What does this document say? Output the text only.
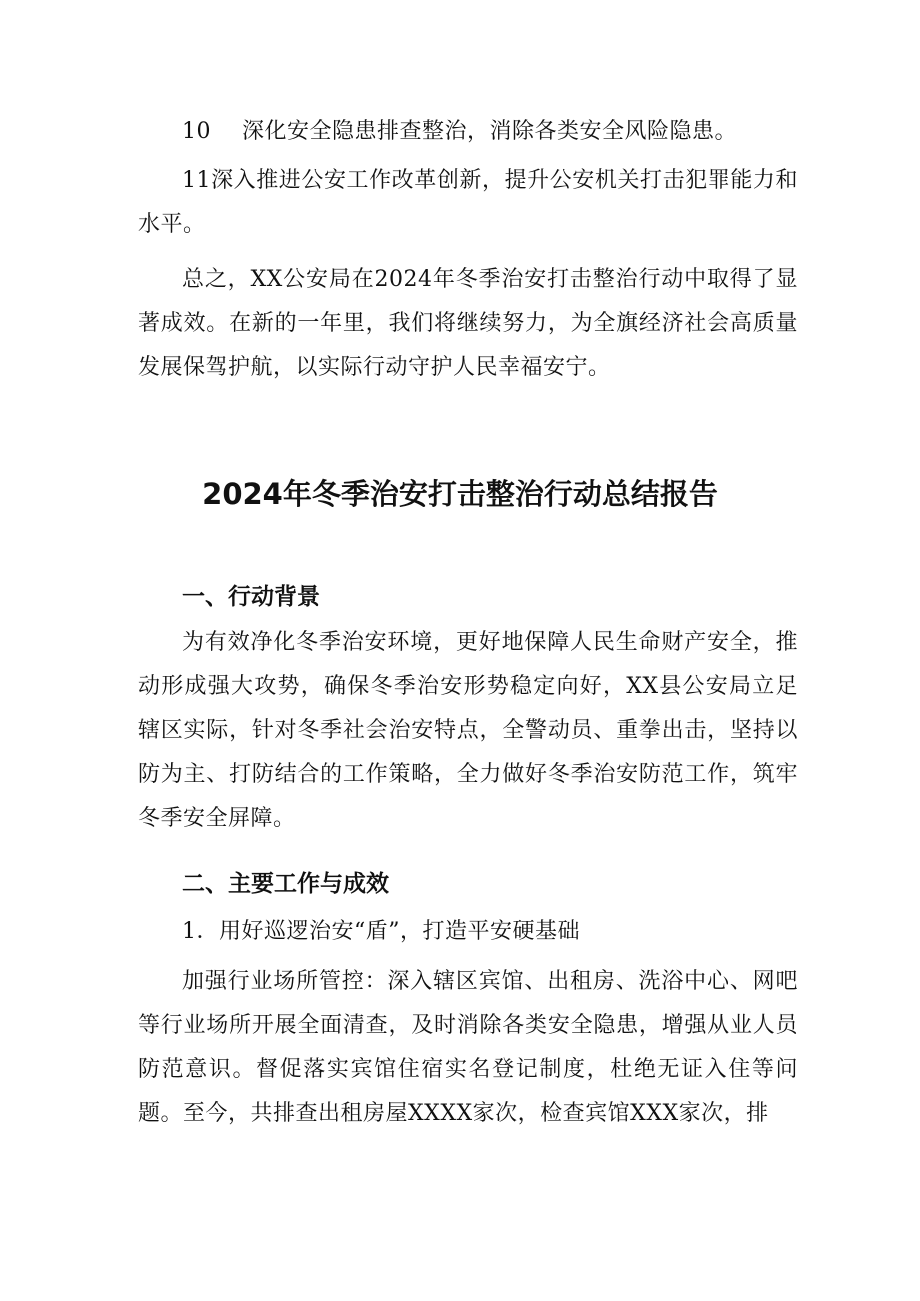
10 深化安全隐患排查整治，消除各类安全风险隐患。

11深入推进公安工作改革创新，提升公安机关打击犯罪能力和水平。

总之，XX公安局在2024年冬季治安打击整治行动中取得了显著成效。在新的一年里，我们将继续努力，为全旗经济社会高质量发展保驾护航，以实际行动守护人民幸福安宁。

2024年冬季治安打击整治行动总结报告
一、行动背景

为有效净化冬季治安环境，更好地保障人民生命财产安全，推动形成强大攻势，确保冬季治安形势稳定向好，XX县公安局立足辖区实际，针对冬季社会治安特点，全警动员、重拳出击，坚持以防为主、打防结合的工作策略，全力做好冬季治安防范工作，筑牢冬季安全屏障。

二、主要工作与成效

1．用好巡逻治安“盾”，打造平安硬基础

加强行业场所管控：深入辖区宾馆、出租房、洗浴中心、网吧等行业场所开展全面清查，及时消除各类安全隐患，增强从业人员防范意识。督促落实宾馆住宿实名登记制度，杜绝无证入住等问题。至今，共排查出租房屋XXXX家次，检查宾馆XXX家次，排
